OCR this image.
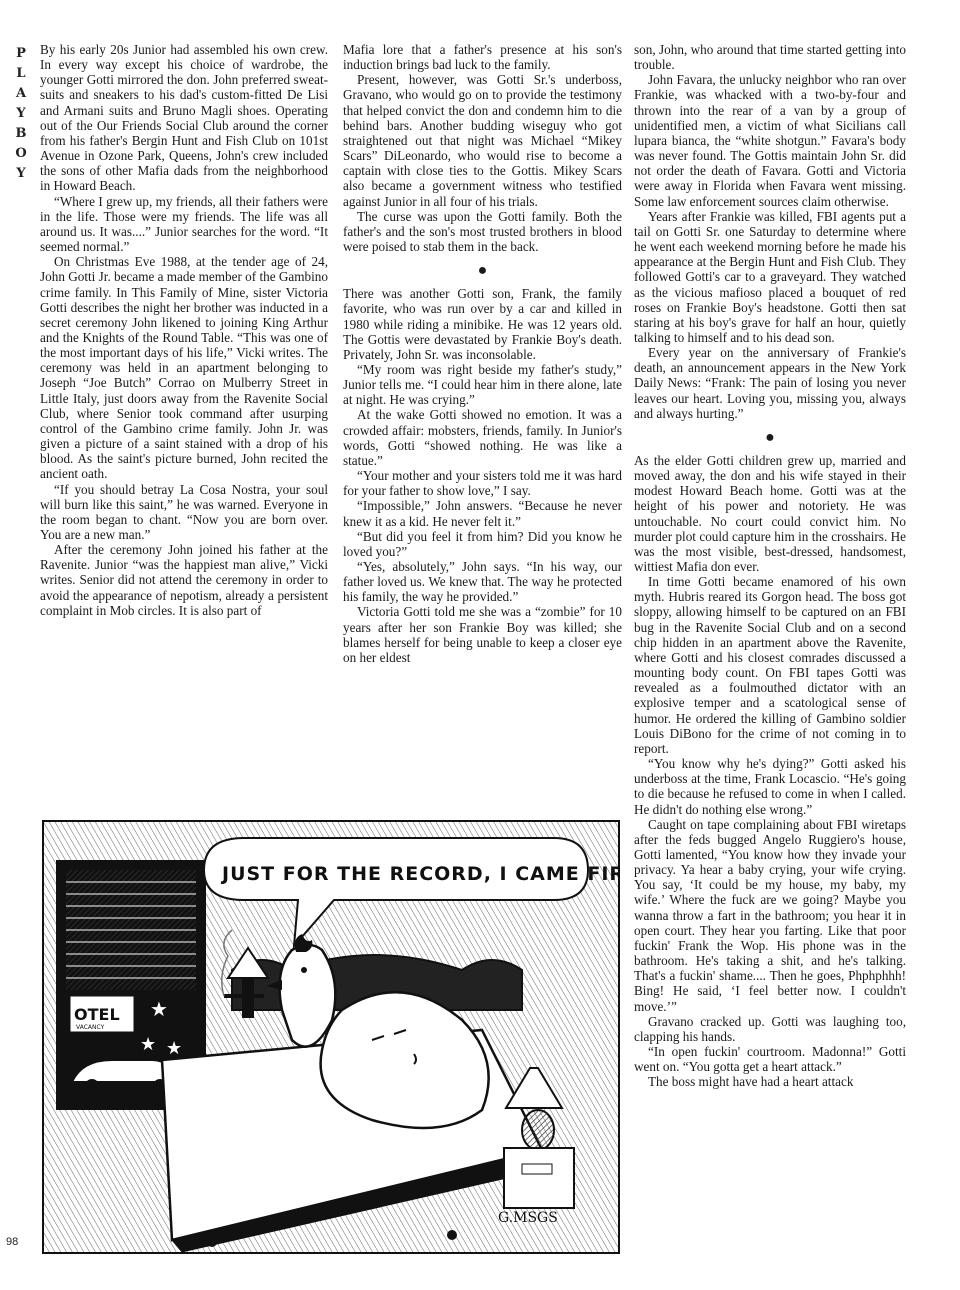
P
L
A
Y
B
O
Y

By his early 20s Junior had assembled his own crew. In every way except his choice of wardrobe, the younger Gotti mirrored the don. John preferred sweat-suits and sneakers to his dad's custom-fitted De Lisi and Armani suits and Bruno Magli shoes. Operating out of the Our Friends Social Club around the corner from his father's Bergin Hunt and Fish Club on 101st Avenue in Ozone Park, Queens, John's crew included the sons of other Mafia dads from the neighborhood in Howard Beach.

“Where I grew up, my friends, all their fathers were in the life. Those were my friends. The life was all around us. It was....” Junior searches for the word. “It seemed normal.”

On Christmas Eve 1988, at the tender age of 24, John Gotti Jr. became a made member of the Gambino crime family. In This Family of Mine, sister Victoria Gotti describes the night her brother was inducted in a secret ceremony John likened to joining King Arthur and the Knights of the Round Table. “This was one of the most important days of his life,” Vicki writes. The ceremony was held in an apartment belonging to Joseph “Joe Butch” Corrao on Mulberry Street in Little Italy, just doors away from the Ravenite Social Club, where Senior took command after usurping control of the Gambino crime family. John Jr. was given a picture of a saint stained with a drop of his blood. As the saint's picture burned, John recited the ancient oath.

“If you should betray La Cosa Nostra, your soul will burn like this saint,” he was warned. Everyone in the room began to chant. “Now you are born over. You are a new man.”

After the ceremony John joined his father at the Ravenite. Junior “was the happiest man alive,” Vicki writes. Senior did not attend the ceremony in order to avoid the appearance of nepotism, already a persistent complaint in Mob circles. It is also part of

Mafia lore that a father's presence at his son's induction brings bad luck to the family.

Present, however, was Gotti Sr.'s underboss, Gravano, who would go on to provide the testimony that helped convict the don and condemn him to die behind bars. Another budding wiseguy who got straightened out that night was Michael “Mikey Scars” DiLeonardo, who would rise to become a captain with close ties to the Gottis. Mikey Scars also became a government witness who testified against Junior in all four of his trials.

The curse was upon the Gotti family. Both the father's and the son's most trusted brothers in blood were poised to stab them in the back.

●

There was another Gotti son, Frank, the family favorite, who was run over by a car and killed in 1980 while riding a minibike. He was 12 years old. The Gottis were devastated by Frankie Boy's death. Privately, John Sr. was inconsolable.

“My room was right beside my father's study,” Junior tells me. “I could hear him in there alone, late at night. He was crying.”

At the wake Gotti showed no emotion. It was a crowded affair: mobsters, friends, family. In Junior's words, Gotti “showed nothing. He was like a statue.”

“Your mother and your sisters told me it was hard for your father to show love,” I say.

“Impossible,” John answers. “Because he never knew it as a kid. He never felt it.”

“But did you feel it from him? Did you know he loved you?”

“Yes, absolutely,” John says. “In his way, our father loved us. We knew that. The way he protected his family, the way he provided.”

Victoria Gotti told me she was a “zombie” for 10 years after her son Frankie Boy was killed; she blames herself for being unable to keep a closer eye on her eldest

son, John, who around that time started getting into trouble.

John Favara, the unlucky neighbor who ran over Frankie, was whacked with a two-by-four and thrown into the rear of a van by a group of unidentified men, a victim of what Sicilians call lupara bianca, the “white shotgun.” Favara's body was never found. The Gottis maintain John Sr. did not order the death of Favara. Gotti and Victoria were away in Florida when Favara went missing. Some law enforcement sources claim otherwise.

Years after Frankie was killed, FBI agents put a tail on Gotti Sr. one Saturday to determine where he went each weekend morning before he made his appearance at the Bergin Hunt and Fish Club. They followed Gotti's car to a graveyard. They watched as the vicious mafioso placed a bouquet of red roses on Frankie Boy's headstone. Gotti then sat staring at his boy's grave for half an hour, quietly talking to himself and to his dead son.

Every year on the anniversary of Frankie's death, an announcement appears in the New York Daily News: “Frank: The pain of losing you never leaves our heart. Loving you, missing you, always and always hurting.”

●

As the elder Gotti children grew up, married and moved away, the don and his wife stayed in their modest Howard Beach home. Gotti was at the height of his power and notoriety. He was untouchable. No court could convict him. No murder plot could capture him in the crosshairs. He was the most visible, best-dressed, handsomest, wittiest Mafia don ever.

In time Gotti became enamored of his own myth. Hubris reared its Gorgon head. The boss got sloppy, allowing himself to be captured on an FBI bug in the Ravenite Social Club and on a second chip hidden in an apartment above the Ravenite, where Gotti and his closest comrades discussed a mounting body count. On FBI tapes Gotti was revealed as a foulmouthed dictator with an explosive temper and a scatological sense of humor. He ordered the killing of Gambino soldier Louis DiBono for the crime of not coming in to report.

“You know why he's dying?” Gotti asked his underboss at the time, Frank Locascio. “He's going to die because he refused to come in when I called. He didn't do nothing else wrong.”

Caught on tape complaining about FBI wiretaps after the feds bugged Angelo Ruggiero's house, Gotti lamented, “You know how they invade your privacy. Ya hear a baby crying, your wife crying. You say, ‘It could be my house, my baby, my wife.’ Where the fuck are we going? Maybe you wanna throw a fart in the bathroom; you hear it in open court. They hear you farting. Like that poor fuckin' Frank the Wop. His phone was in the bathroom. He's taking a shit, and he's talking. That's a fuckin' shame.... Then he goes, Phphphhh! Bing! He said, ‘I feel better now. I couldn't move.’”

Gravano cracked up. Gotti was laughing too, clapping his hands.

“In open fuckin' courtroom. Madonna!” Gotti went on. “You gotta get a heart attack.”

The boss might have had a heart attack

OTEL
VACANCY
★
★ ★
JUST FOR THE RECORD, I CAME FIRST.
G.MSGS
98
